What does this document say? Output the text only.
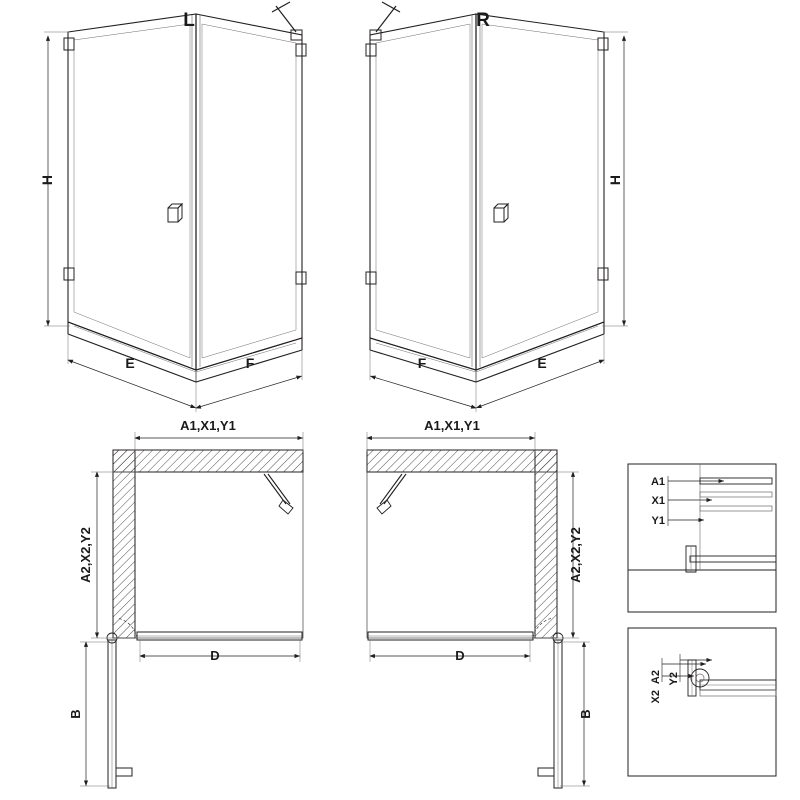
L
H
E	F
R
H
F	E
A1,X1,Y1
A2,X2,Y2
D
B
A1,X1,Y1
A2,X2,Y2
D
B
A1
X1
Y1
A2
X2
Y2
